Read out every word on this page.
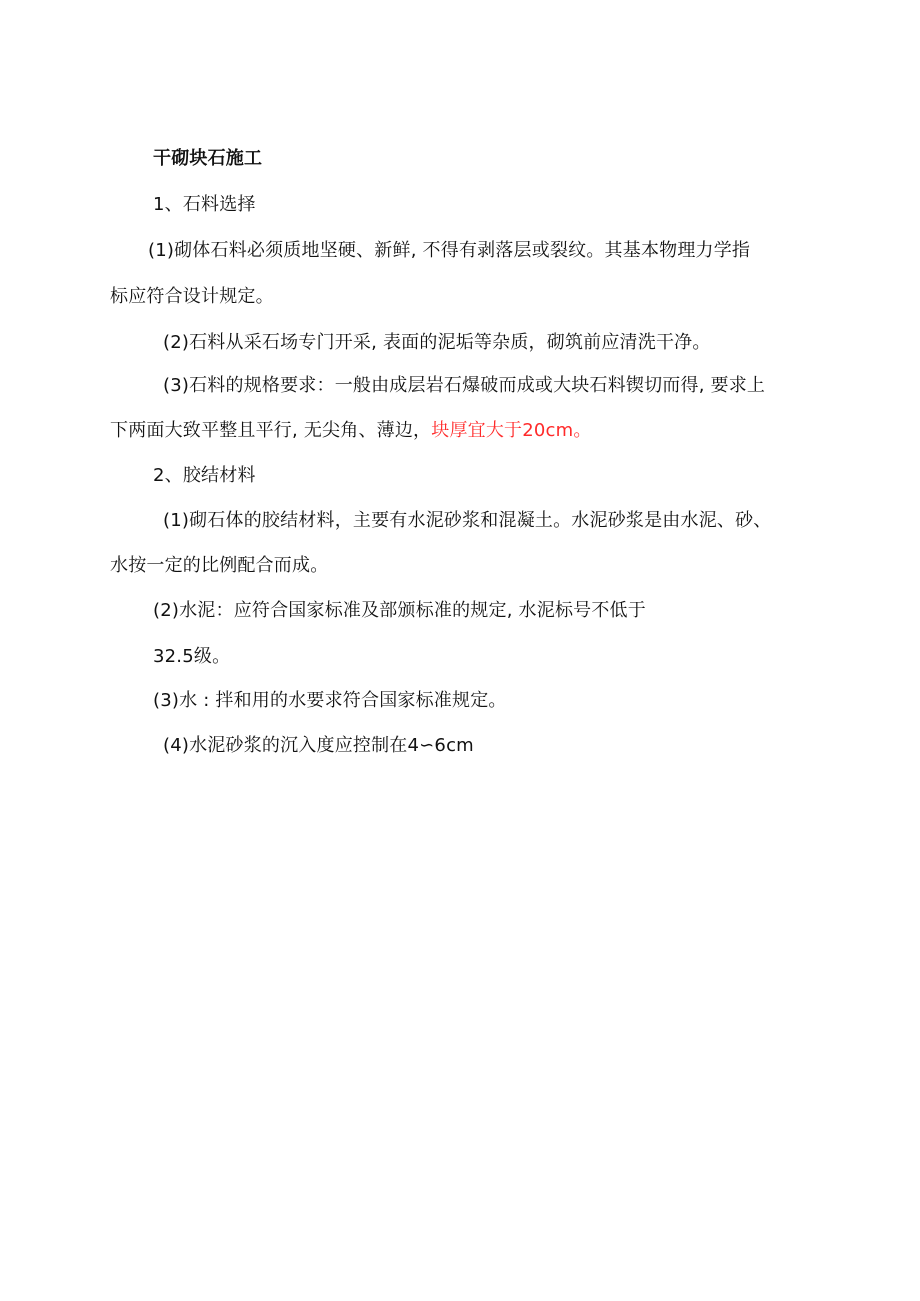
干砌块石施工

1、石料选择

(1)砌体石料必须质地坚硬、新鲜, 不得有剥落层或裂纹。其基本物理力学指

标应符合设计规定。

(2)石料从采石场专门开采, 表面的泥垢等杂质，砌筑前应清洗干净。

(3)石料的规格要求：一般由成层岩石爆破而成或大块石料锲切而得, 要求上

下两面大致平整且平行, 无尖角、薄边，块厚宜大于20cm。

2、胶结材料

(1)砌石体的胶结材料，主要有水泥砂浆和混凝土。水泥砂浆是由水泥、砂、

水按一定的比例配合而成。

(2)水泥：应符合国家标准及部颁标准的规定, 水泥标号不低于

32.5级。

(3)水 : 拌和用的水要求符合国家标准规定。

(4)水泥砂浆的沉入度应控制在4∽6cm
